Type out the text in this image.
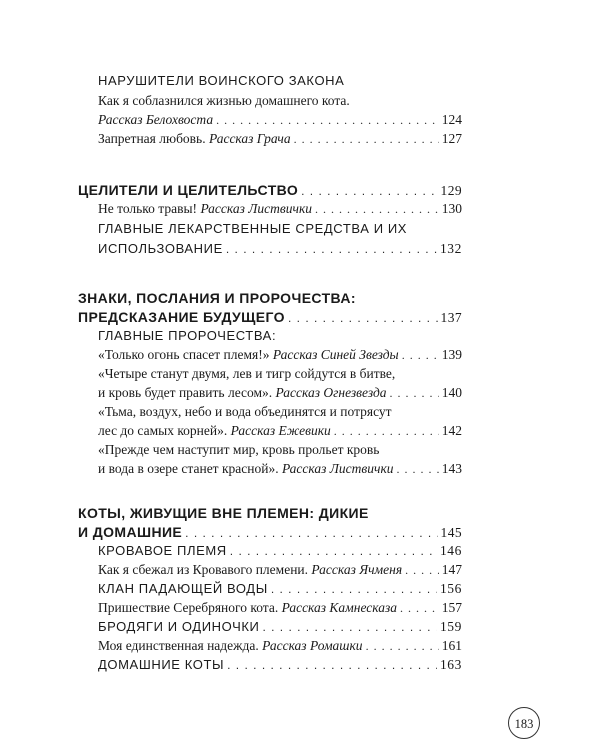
НАРУШИТЕЛИ ВОИНСКОГО ЗАКОНА
Как я соблазнился жизнью домашнего кота.
Рассказ Белохвоста . . .	124
Запретная любовь.
Рассказ Грача . . .	127
ЦЕЛИТЕЛИ И ЦЕЛИТЕЛЬСТВО . . .	129
Не только травы!
Рассказ Листвички . . .	130
ГЛАВНЫЕ ЛЕКАРСТВЕННЫЕ СРЕДСТВА И ИХ
ИСПОЛЬЗОВАНИЕ . . .	132
ЗНАКИ, ПОСЛАНИЯ И ПРОРОЧЕСТВА:
ПРЕДСКАЗАНИЕ БУДУЩЕГО . . .	137
ГЛАВНЫЕ ПРОРОЧЕСТВА:
«Только огонь спасет племя!»
Рассказ Синей Звезды . . .	139
«Четыре станут двумя, лев и тигр сойдутся в битве,
и кровь будет править лесом».
Рассказ Огнезвезда . . .	140
«Тьма, воздух, небо и вода объединятся и потрясут
лес до самых корней».
Рассказ Ежевики . . .	142
«Прежде чем наступит мир, кровь прольет кровь
и вода в озере станет красной».
Рассказ Листвички . . .	143
КОТЫ, ЖИВУЩИЕ ВНЕ ПЛЕМЕН: ДИКИЕ
И ДОМАШНИЕ . . .	145
КРОВАВОЕ ПЛЕМЯ . . .	146
Как я сбежал из Кровавого племени.
Рассказ Ячменя . . .	147
КЛАН ПАДАЮЩЕЙ ВОДЫ . . .	156
Пришествие Серебряного кота.
Рассказ Камнесказа . . .	157
БРОДЯГИ И ОДИНОЧКИ . . .	159
Моя единственная надежда.
Рассказ Ромашки . . .	161
ДОМАШНИЕ КОТЫ . . .	163
183
